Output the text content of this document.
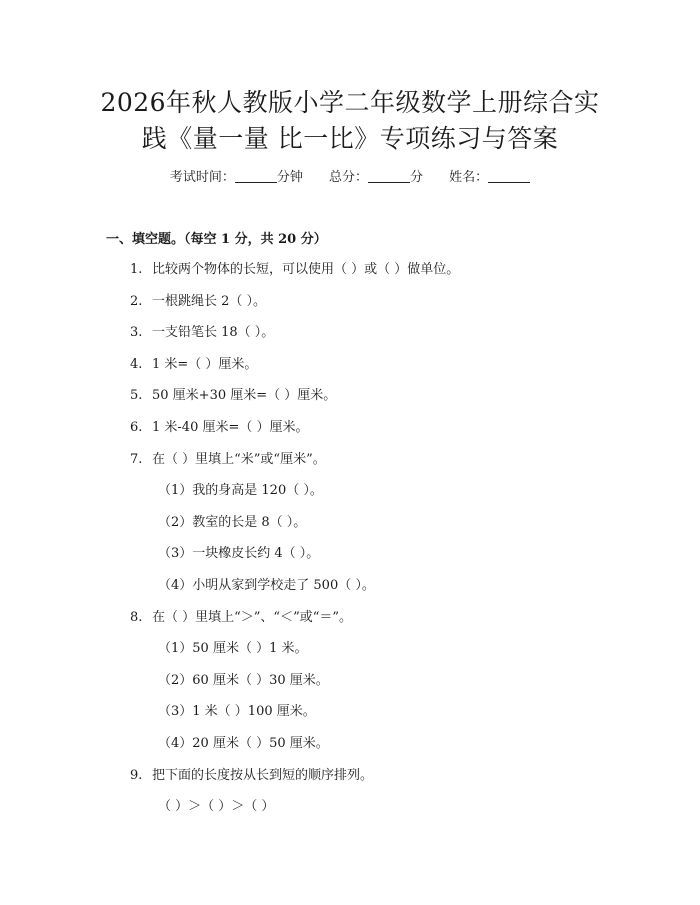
2026年秋人教版小学二年级数学上册综合实
践《量一量 比一比》专项练习与答案
考试时间：	分钟 总分：	分 姓名：
一、填空题。（每空 1 分，共 20 分）
1. 比较两个物体的长短，可以使用（ ）或（ ）做单位。
2. 一根跳绳长 2（ ）。
3. 一支铅笔长 18（ ）。
4. 1 米=（ ）厘米。
5. 50 厘米+30 厘米=（ ）厘米。
6. 1 米-40 厘米=（ ）厘米。
7. 在（ ）里填上“米”或“厘米”。
（1）我的身高是 120（ ）。
（2）教室的长是 8（ ）。
（3）一块橡皮长约 4（ ）。
（4）小明从家到学校走了 500（ ）。
8. 在（ ）里填上“＞”、“＜”或“＝”。
（1）50 厘米（ ）1 米。
（2）60 厘米（ ）30 厘米。
（3）1 米（ ）100 厘米。
（4）20 厘米（ ）50 厘米。
9. 把下面的长度按从长到短的顺序排列。
（ ）＞（ ）＞（ ）
